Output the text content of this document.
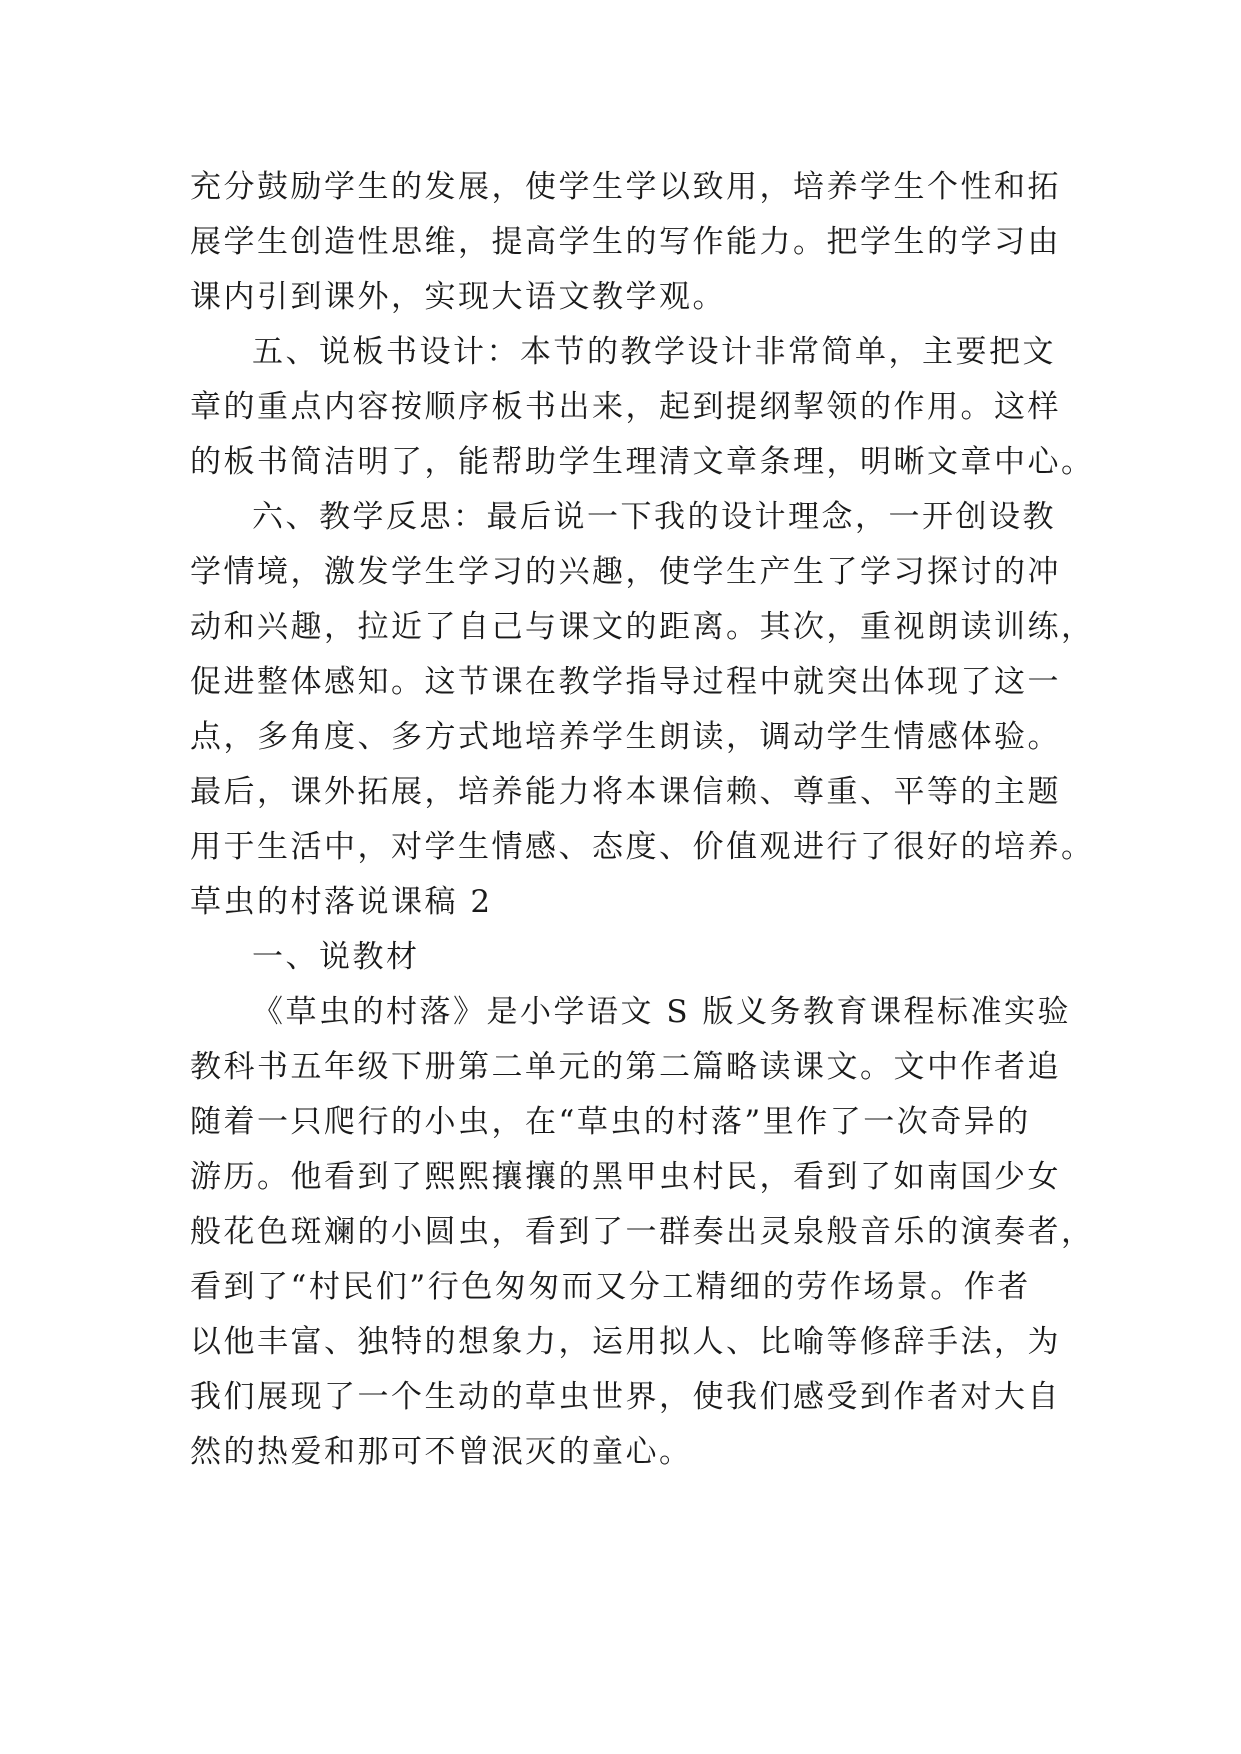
充分鼓励学生的发展，使学生学以致用，培养学生个性和拓
展学生创造性思维，提高学生的写作能力。把学生的学习由
课内引到课外，实现大语文教学观。
五、说板书设计：本节的教学设计非常简单，主要把文
章的重点内容按顺序板书出来，起到提纲挈领的作用。这样
的板书简洁明了，能帮助学生理清文章条理，明晰文章中心。
六、教学反思：最后说一下我的设计理念，一开创设教
学情境，激发学生学习的兴趣，使学生产生了学习探讨的冲
动和兴趣，拉近了自己与课文的距离。其次，重视朗读训练，
促进整体感知。这节课在教学指导过程中就突出体现了这一
点，多角度、多方式地培养学生朗读，调动学生情感体验。
最后，课外拓展，培养能力将本课信赖、尊重、平等的主题
用于生活中，对学生情感、态度、价值观进行了很好的培养。
草虫的村落说课稿 2
一、说教材
《草虫的村落》是小学语文 S 版义务教育课程标准实验
教科书五年级下册第二单元的第二篇略读课文。文中作者追
随着一只爬行的小虫，在“草虫的村落”里作了一次奇异的
游历。他看到了熙熙攘攘的黑甲虫村民，看到了如南国少女
般花色斑斓的小圆虫，看到了一群奏出灵泉般音乐的演奏者，
看到了“村民们”行色匆匆而又分工精细的劳作场景。作者
以他丰富、独特的想象力，运用拟人、比喻等修辞手法，为
我们展现了一个生动的草虫世界，使我们感受到作者对大自
然的热爱和那可不曾泯灭的童心。
